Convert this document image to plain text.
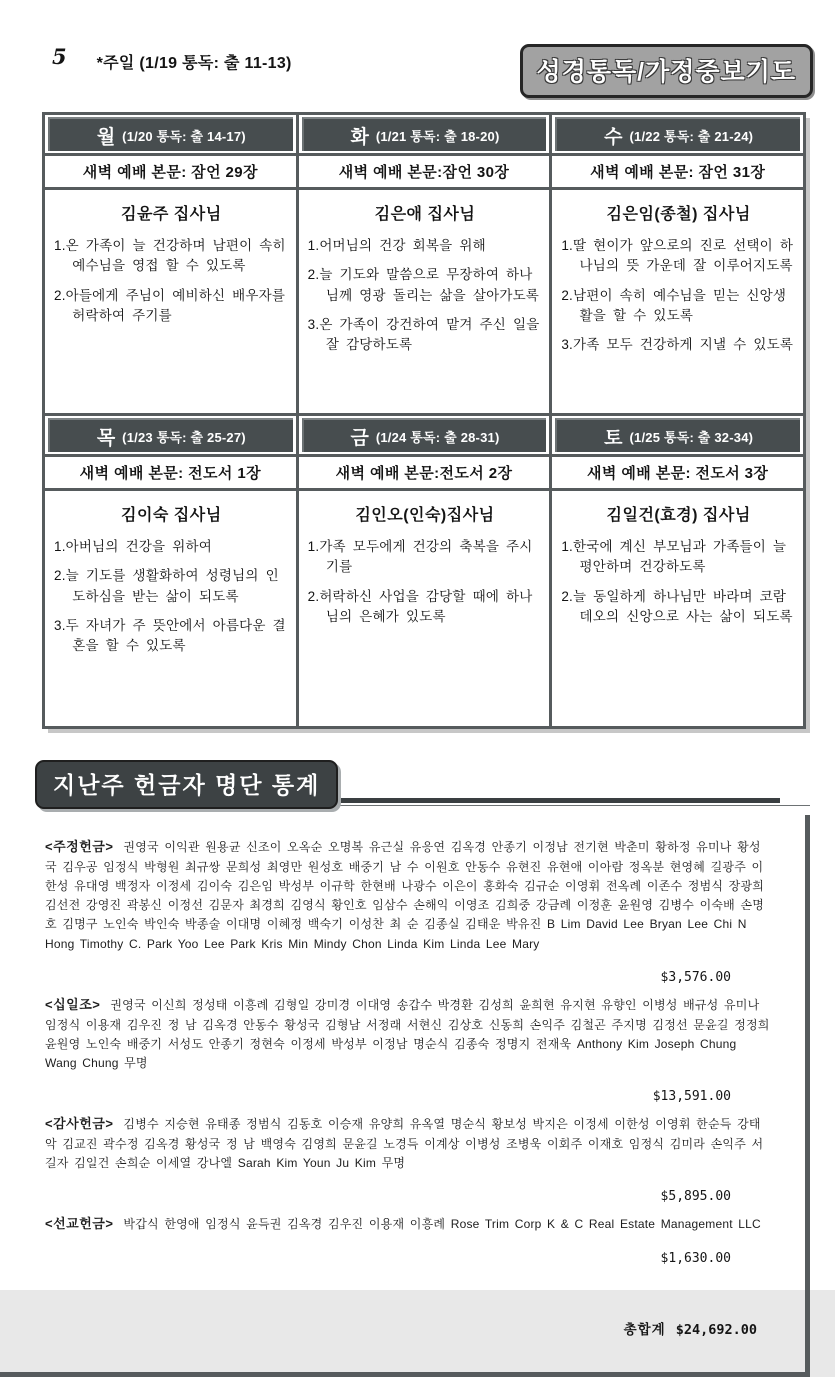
5 *주일 (1/19 통독: 출 11-13)	성경통독/가정중보기도
월 (1/20 통독: 출 14-17)	화 (1/21 통독: 출 18-20)	수 (1/22 통독: 출 21-24)

새벽 예배 본문: 잠언 29장	새벽 예배 본문:잠언 30장	새벽 예배 본문: 잠언 31장

김윤주 집사님
1.온 가족이 늘 건강하며 남편이 속히 예수님을 영접 할 수 있도록
2.아들에게 주님이 예비하신 배우자를 허락하여 주기를

김은애 집사님
1.어머님의 건강 회복을 위해
2.늘 기도와 말씀으로 무장하여 하나님께 영광 돌리는 삶을 살아가도록
3.온 가족이 강건하여 맡겨 주신 일을 잘 감당하도록

김은임(종철) 집사님
1.딸 현이가 앞으로의 진로 선택이 하나님의 뜻 가운데 잘 이루어지도록
2.남편이 속히 예수님을 믿는 신앙생활을 할 수 있도록
3.가족 모두 건강하게 지낼 수 있도록

목 (1/23 통독: 출 25-27)	금 (1/24 통독: 출 28-31)	토 (1/25 통독: 출 32-34)

새벽 예배 본문: 전도서 1장	새벽 예배 본문:전도서 2장	새벽 예배 본문: 전도서 3장

김이숙 집사님
1.아버님의 건강을 위하여
2.늘 기도를 생활화하여 성령님의 인도하심을 받는 삶이 되도록
3.두 자녀가 주 뜻안에서 아름다운 결혼을 할 수 있도록

김인오(인숙)집사님
1.가족 모두에게 건강의 축복을 주시기를
2.허락하신 사업을 감당할 때에 하나님의 은혜가 있도록

김일건(효경) 집사님
1.한국에 계신 부모님과 가족들이 늘 평안하며 건강하도록
2.늘 동일하게 하나님만 바라며 코람데오의 신앙으로 사는 삶이 되도록
지난주 헌금자 명단 통계
<주정헌금> 권영국 이익관 원용균 신조이 오옥순 오명복 유근실 유응연 김옥경 안종기 이정남 전기현 박춘미 황하정 유미나 황성국 김우공 임정식 박형원 최규쌍 문희성 최영만 원성호 배중기 남 수 이원호 안동수 유현진 유현애 이아람 정옥분 현영혜 길광주 이한성 유대영 백정자 이정세 김이숙 김은임 박성부 이규학 한현배 나광수 이은이 홍화숙 김규순 이영휘 전옥례 이존수 정범식 장광희 김선전 강영진 곽봉신 이정선 김문자 최경희 김영식 황인호 임삼수 손해익 이영조 김희중 강금례 이정훈 윤원영 김병수 이숙배 손명호 김명구 노인숙 박인숙 박종술 이대명 이혜정 백숙기 이성찬 최 순 김종실 김태운 박유진 B Lim David Lee Bryan Lee Chi N Hong Timothy C. Park Yoo Lee Park Kris Min Mindy Chon Linda Kim Linda Lee Mary
$3,576.00
<십일조> 권영국 이신희 정성태 이흥례 김형일 강미경 이대영 송갑수 박경환 김성희 윤희현 유지현 유향인 이병성 배규성 유미나 임정식 이용재 김우진 정 남 김옥경 안동수 황성국 김형남 서정래 서현신 김상호 신동희 손익주 김철곤 주지명 김정선 문윤길 정정희 윤원영 노인숙 배중기 서성도 안종기 정현숙 이정세 박성부 이정남 명순식 김종숙 정명지 전재욱 Anthony Kim Joseph Chung Wang Chung 무명
$13,591.00
<감사헌금> 김병수 지승현 유태종 정범식 김동호 이승재 유양희 유옥열 명순식 황보성 박지은 이정세 이한성 이영휘 한순득 강태악 김교진 곽수정 김옥경 황성국 정 남 백영숙 김영희 문윤길 노경득 이계상 이병성 조병욱 이회주 이재호 임정식 김미라 손익주 서길자 김일건 손희순 이세열 강나엘 Sarah Kim Youn Ju Kim 무명
$5,895.00
<선교헌금> 박갑식 한영애 임정식 윤득권 김옥경 김우진 이용재 이흥례 Rose Trim Corp K & C Real Estate Management LLC
$1,630.00
총합계 $24,692.00
